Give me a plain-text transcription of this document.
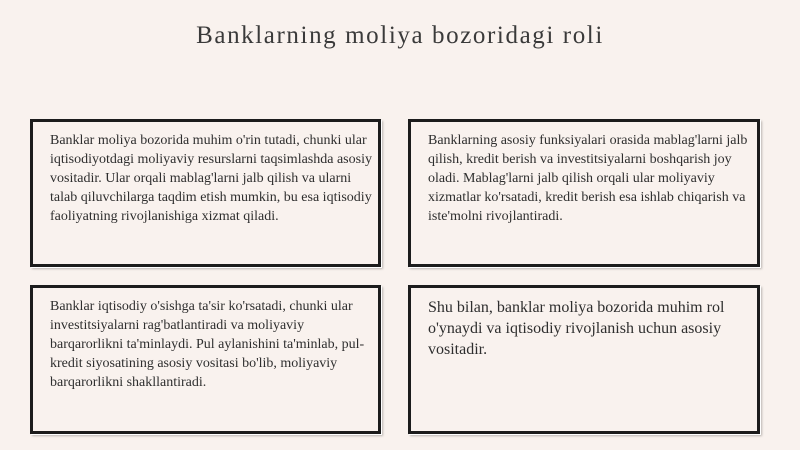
Banklarning moliya bozoridagi roli
Banklar moliya bozorida muhim o'rin tutadi, chunki ular iqtisodiyotdagi moliyaviy resurslarni taqsimlashda asosiy vositadir. Ular orqali mablag'larni jalb qilish va ularni talab qiluvchilarga taqdim etish mumkin, bu esa iqtisodiy faoliyatning rivojlanishiga xizmat qiladi.
Banklarning asosiy funksiyalari orasida mablag'larni jalb qilish, kredit berish va investitsiyalarni boshqarish joy oladi. Mablag'larni jalb qilish orqali ular moliyaviy xizmatlar ko'rsatadi, kredit berish esa ishlab chiqarish va iste'molni rivojlantiradi.
Banklar iqtisodiy o'sishga ta'sir ko'rsatadi, chunki ular investitsiyalarni rag'batlantiradi va moliyaviy barqarorlikni ta'minlaydi. Pul aylanishini ta'minlab, pul-kredit siyosatining asosiy vositasi bo'lib, moliyaviy barqarorlikni shakllantiradi.
Shu bilan, banklar moliya bozorida muhim rol o'ynaydi va iqtisodiy rivojlanish uchun asosiy vositadir.
